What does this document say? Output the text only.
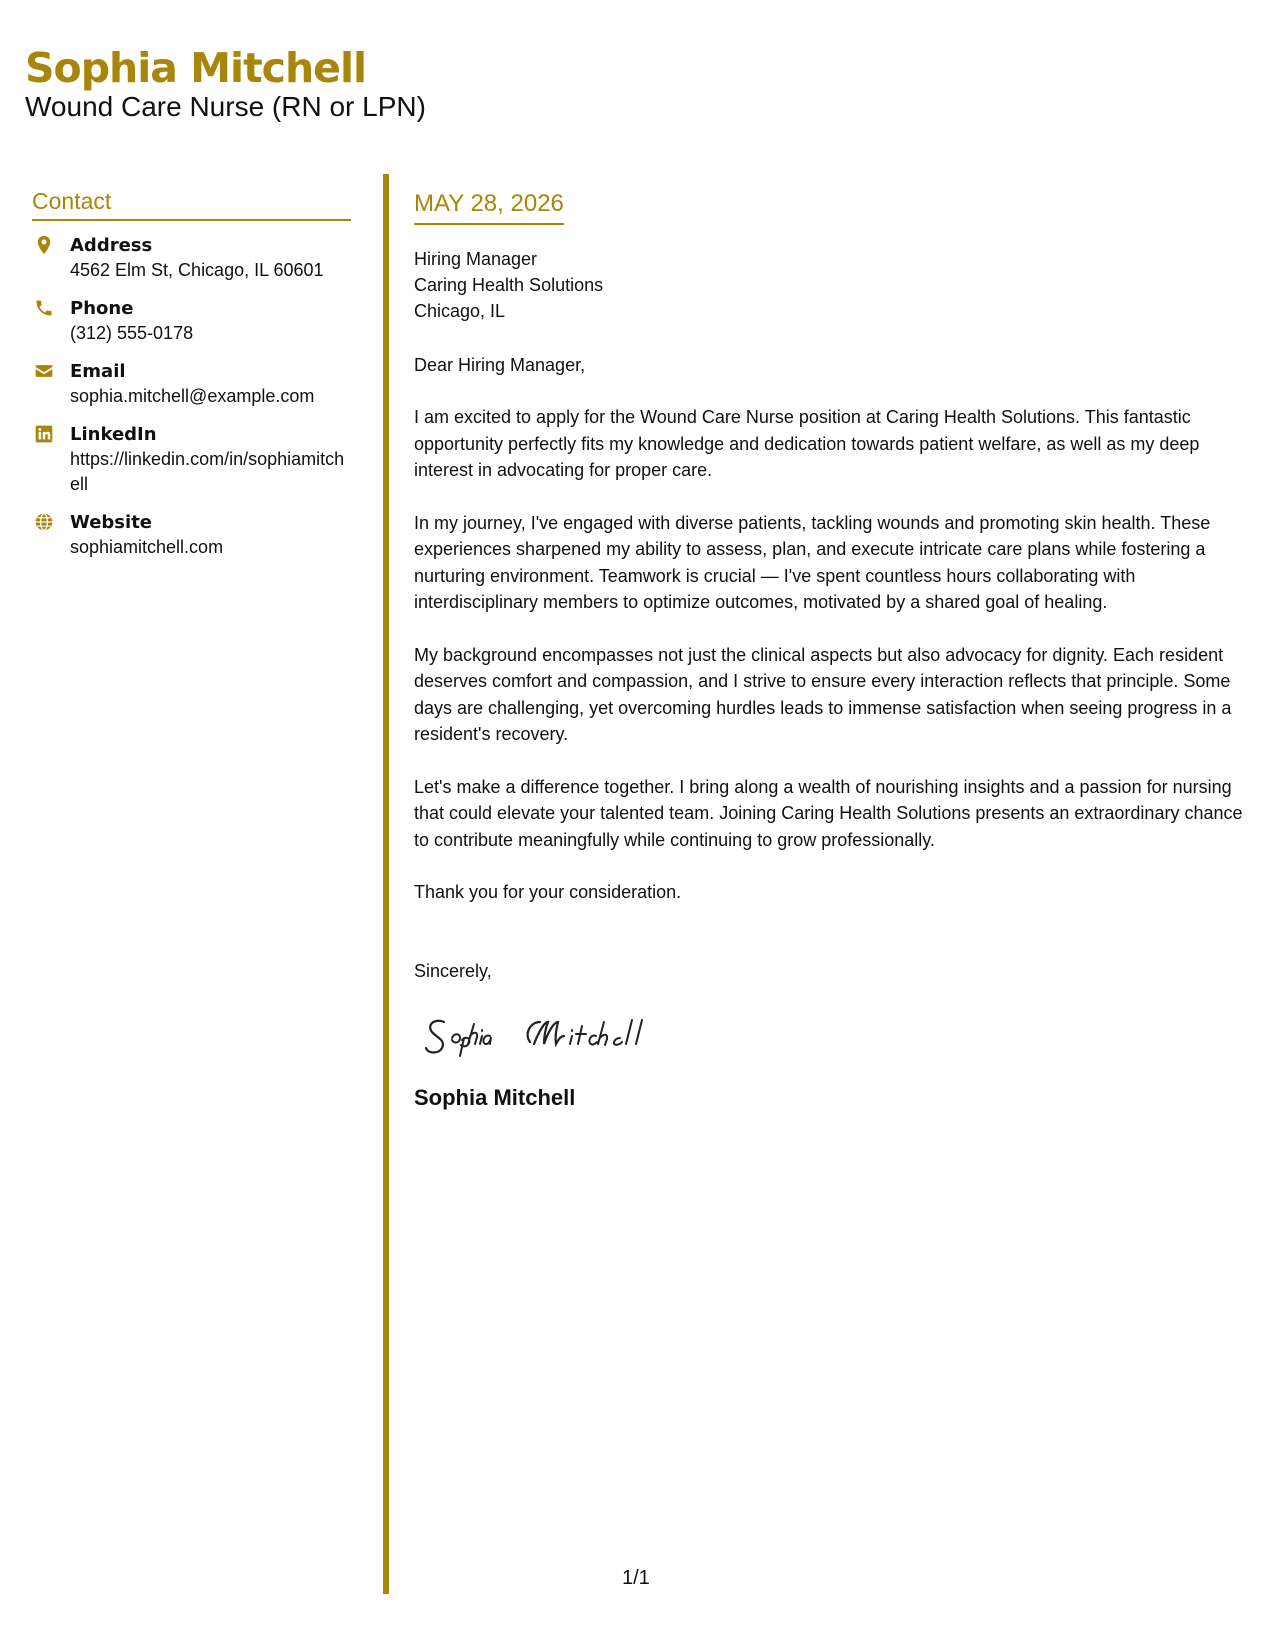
Sophia Mitchell
Wound Care Nurse (RN or LPN)
Contact
Address
4562 Elm St, Chicago, IL 60601
Phone
(312) 555-0178
Email
sophia.mitchell@example.com
LinkedIn
https://linkedin.com/in/sophiamitchell
Website
sophiamitchell.com
MAY 28, 2026
Hiring Manager
Caring Health Solutions
Chicago, IL
Dear Hiring Manager,
I am excited to apply for the Wound Care Nurse position at Caring Health Solutions. This fantastic opportunity perfectly fits my knowledge and dedication towards patient welfare, as well as my deep interest in advocating for proper care.
In my journey, I've engaged with diverse patients, tackling wounds and promoting skin health. These experiences sharpened my ability to assess, plan, and execute intricate care plans while fostering a nurturing environment. Teamwork is crucial — I've spent countless hours collaborating with interdisciplinary members to optimize outcomes, motivated by a shared goal of healing.
My background encompasses not just the clinical aspects but also advocacy for dignity. Each resident deserves comfort and compassion, and I strive to ensure every interaction reflects that principle. Some days are challenging, yet overcoming hurdles leads to immense satisfaction when seeing progress in a resident's recovery.
Let's make a difference together. I bring along a wealth of nourishing insights and a passion for nursing that could elevate your talented team. Joining Caring Health Solutions presents an extraordinary chance to contribute meaningfully while continuing to grow professionally.
Thank you for your consideration.
Sincerely,
Sophia Mitchell
1/1
